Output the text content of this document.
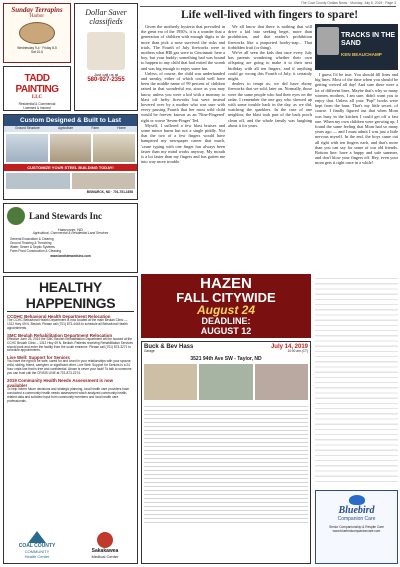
The Coal County Outlaw News · Monday, July 8, 2019 · Page 3
Sunday Terrapins
Harbor
Wednesday 9-4 · Friday 8-5
Sat 10-6
Dollar Saver classifieds
Just call us at
580-927-2355
TADD PAINTING
LLC
Residential & Commercial
Licensed & Insured
Custom Designed & Built to Last
Ground Structure	Agriculture	Farm	Home
CUSTOMIZE YOUR STEEL BUILDING TODAY!
BISMARCK, ND · 701-751-1658
Land Stewards Inc
Hannover, ND
Agricultural, Commercial & Residential Land Services
General Excavation & Clearing
Ground Thawing & Trenching
Water, Sewer & Septic Systems
Farm Pond Construction & Cleaning
www.landstewardsinc.com
HEALTHY HAPPENINGS
CCDHC Behavioral Health Department Relocation
The CCHC Behavioral Health Department is now located at the main Beulah Clinic — 1312 Hwy 49 N, Beulah. Please call (701) 873-4445 to schedule all Behavioral Health appointments.
SMC Beulah Rehabilitation Department Relocation
Effective June 25, 2019 the SMC Beulah Rehabilitation Department will be housed at the CCHC Beulah Clinic – 1312 Hwy 49 N, Beulah. Patients receiving Rehabilitation Services should park and enter the facility from the south entrance. Please call (701) 873-3271 to schedule appointments.
Live Well: Support for Seniors
You have the right to be safe, cared for and loved in your relationships with your spouse, child, sibling, friend, caregiver or significant other. Live Well: Support for Seniors is a 24 hour crisis line that is free and confidential. Abuse is never your fault! To talk to someone you can trust call the CRISIS LINE at 701-873-2274.
2019 Community Health Needs Assessment is now available!
To help inform future decisions and strategic planning, local health care providers have conducted a community health needs assessment which analyzed community health-related data and solicited input from community members and local health care professionals.
COAL COUNTY
COMMUNITY
Health Center
Sakakawea
Medical Center
Life well-lived with fingers to spare!

Given the motherly hysteria that prevailed in the great era of the 1950's, it is a wonder that a generation of children with enough digits to do more than pick a nose survived the risks and trials. The Fourth of July fireworks were to mothers what HIll gas were to Cincinnati: here a boy, but your buddy; something bad was bound to happen to any child that had exited the womb and was big enough to enjoy some fun.

Unless, of course, the child was underhanded and sneaky, either of which could well have been the middle name of 99 percent of children raised in that wonderful era, since as you may know, unless you were a kid with a mommy to blast off hefty fireworks but were instead hovered over by a mother who was sure with every passing Fourth that her most wild child would be forever known as an 'Nine-Fingered' right or worse 'Seven-Finger' Ted.

Myself, I suffered a few blast bruises and some minor burns but not a single piddly. Not that the two of a few fingers would have hampered my newspaper career that much, 'cause typing with one finger has always been faster than my mind works anyway. My mouth is a lot faster than my fingers and has gotten me into way more trouble.

We all know that there is nothing that will drive a kid into seeking beget, more than prohibition, and that reader's prohibition fireworks like a purported booby-trap... That forbidden fruit (or thing).

We've all seen the kids that once every July has parents wondering whether their own offspring are going to make it to their next birthday with all ten fingers, and if anything could go wrong this Fourth of July, it certainly might.

dealers to tempt us, we did have ebony fireworks that we sold, later on. Normally, those were the same people who had their eyes on the radar. I remember the one guy who showed up with some trouble back in the day, as we did, watching the sparklers. In the case of one neighbor, the blast took part of the back porch clean off, and the whole family was laughing about it for years.

TRACKS IN THE SAND
KEN BEAUCHAMP

I guess I'd be true. You should fill lines and big lines. Most of the time when you should be getting crewed all day! And sure there were a lot of different lines. Maybe that's why so many women, mothers, I am sure, didn't want you to enjoy that. Unless all your 'Pop!' books were kept from the barn. That's my little secret, of course. I finally figured out that when Mom was busy in the kitchen I could get off a fast one. When my own children were growing up, I found the same feeling that Mom had so many years ago — and I must admit I was just a little nervous myself. In the end, the boys came out all right with ten fingers each, and that's more than you can say for some of our old friends. Bottom line: have a happy and safe summer, and don't blow your fingers off. Hey, even your mom gets it right once in a while!

HAZEN
FALL CITYWIDE
August 24
DEADLINE:
AUGUST 12
Buck & Bev Hass	July 14, 2019
Garage	10:00 am (CT)
3521 94th Ave SW - Taylor, ND
Bluebird
Companion Care
Senior Companionship & Respite Care
www.bluebirdcompanioncare.com
